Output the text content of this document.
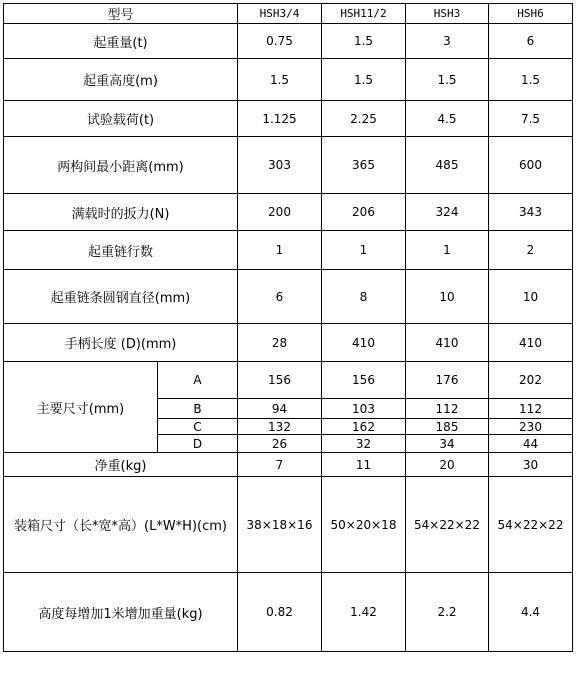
型号		HSH3/4	HSH11/2	HSH3	HSH6
起重量(t)		0.75	1.5	3	6
起重高度(m)		1.5	1.5	1.5	1.5
试验载荷(t)		1.125	2.25	4.5	7.5
两构间最小距离(mm)		303	365	485	600
满载时的扳力(N)		200	206	324	343
起重链行数		1	1	1	2
起重链条圆钢直径(mm)		6	8	10	10
手柄长度 (D)(mm)		28	410	410	410
主要尺寸(mm)	A	156	156	176	202
	B	94	103	112	112
	C	132	162	185	230
	D	26	32	34	44
净重(kg)		7	11	20	30
装箱尺寸（长*宽*高）(L*W*H)(cm)		38×18×16	50×20×18	54×22×22	54×22×22
高度每增加1米增加重量(kg)		0.82	1.42	2.2	4.4
